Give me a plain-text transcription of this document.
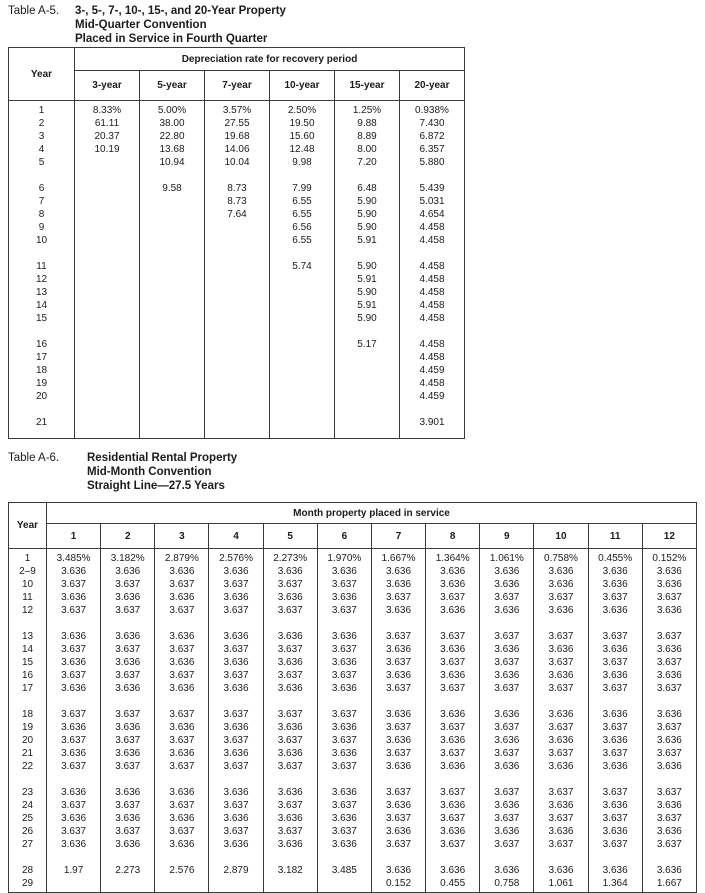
Table A-5.	3-, 5-, 7-, 10-, 15-, and 20-Year Property
Mid-Quarter Convention
Placed in Service in Fourth Quarter
Year	Depreciation rate for recovery period					
	3-year	5-year	7-year	10-year	15-year	20-year
1	8.33%	5.00%	3.57%	2.50%	1.25%	0.938%
2	61.11	38.00	27.55	19.50	9.88	7.430
3	20.37	22.80	19.68	15.60	8.89	6.872
4	10.19	13.68	14.06	12.48	8.00	6.357
5		10.94	10.04	9.98	7.20	5.880

6		9.58	8.73	7.99	6.48	5.439
7			8.73	6.55	5.90	5.031
8			7.64	6.55	5.90	4.654
9				6.56	5.90	4.458
10				6.55	5.91	4.458

11				5.74	5.90	4.458
12					5.91	4.458
13					5.90	4.458
14					5.91	4.458
15					5.90	4.458

16					5.17	4.458
17						4.458
18						4.459
19						4.458
20						4.459

21						3.901

Table A-6.	Residential Rental Property
Mid-Month Convention
Straight Line—27.5 Years
Year	Month property placed in service											
	1	2	3	4	5	6	7	8	9	10	11	12
1	3.485%	3.182%	2.879%	2.576%	2.273%	1.970%	1.667%	1.364%	1.061%	0.758%	0.455%	0.152%
2–9	3.636	3.636	3.636	3.636	3.636	3.636	3.636	3.636	3.636	3.636	3.636	3.636
10	3.637	3.637	3.637	3.637	3.637	3.637	3.636	3.636	3.636	3.636	3.636	3.636
11	3.636	3.636	3.636	3.636	3.636	3.636	3.637	3.637	3.637	3.637	3.637	3.637
12	3.637	3.637	3.637	3.637	3.637	3.637	3.636	3.636	3.636	3.636	3.636	3.636

13	3.636	3.636	3.636	3.636	3.636	3.636	3.637	3.637	3.637	3.637	3.637	3.637
14	3.637	3.637	3.637	3.637	3.637	3.637	3.636	3.636	3.636	3.636	3.636	3.636
15	3.636	3.636	3.636	3.636	3.636	3.636	3.637	3.637	3.637	3.637	3.637	3.637
16	3.637	3.637	3.637	3.637	3.637	3.637	3.636	3.636	3.636	3.636	3.636	3.636
17	3.636	3.636	3.636	3.636	3.636	3.636	3.637	3.637	3.637	3.637	3.637	3.637

18	3.637	3.637	3.637	3.637	3.637	3.637	3.636	3.636	3.636	3.636	3.636	3.636
19	3.636	3.636	3.636	3.636	3.636	3.636	3.637	3.637	3.637	3.637	3.637	3.637
20	3.637	3.637	3.637	3.637	3.637	3.637	3.636	3.636	3.636	3.636	3.636	3.636
21	3.636	3.636	3.636	3.636	3.636	3.636	3.637	3.637	3.637	3.637	3.637	3.637
22	3.637	3.637	3.637	3.637	3.637	3.637	3.636	3.636	3.636	3.636	3.636	3.636

23	3.636	3.636	3.636	3.636	3.636	3.636	3.637	3.637	3.637	3.637	3.637	3.637
24	3.637	3.637	3.637	3.637	3.637	3.637	3.636	3.636	3.636	3.636	3.636	3.636
25	3.636	3.636	3.636	3.636	3.636	3.636	3.637	3.637	3.637	3.637	3.637	3.637
26	3.637	3.637	3.637	3.637	3.637	3.637	3.636	3.636	3.636	3.636	3.636	3.636
27	3.636	3.636	3.636	3.636	3.636	3.636	3.637	3.637	3.637	3.637	3.637	3.637

28	1.97	2.273	2.576	2.879	3.182	3.485	3.636	3.636	3.636	3.636	3.636	3.636
29							0.152	0.455	0.758	1.061	1.364	1.667
